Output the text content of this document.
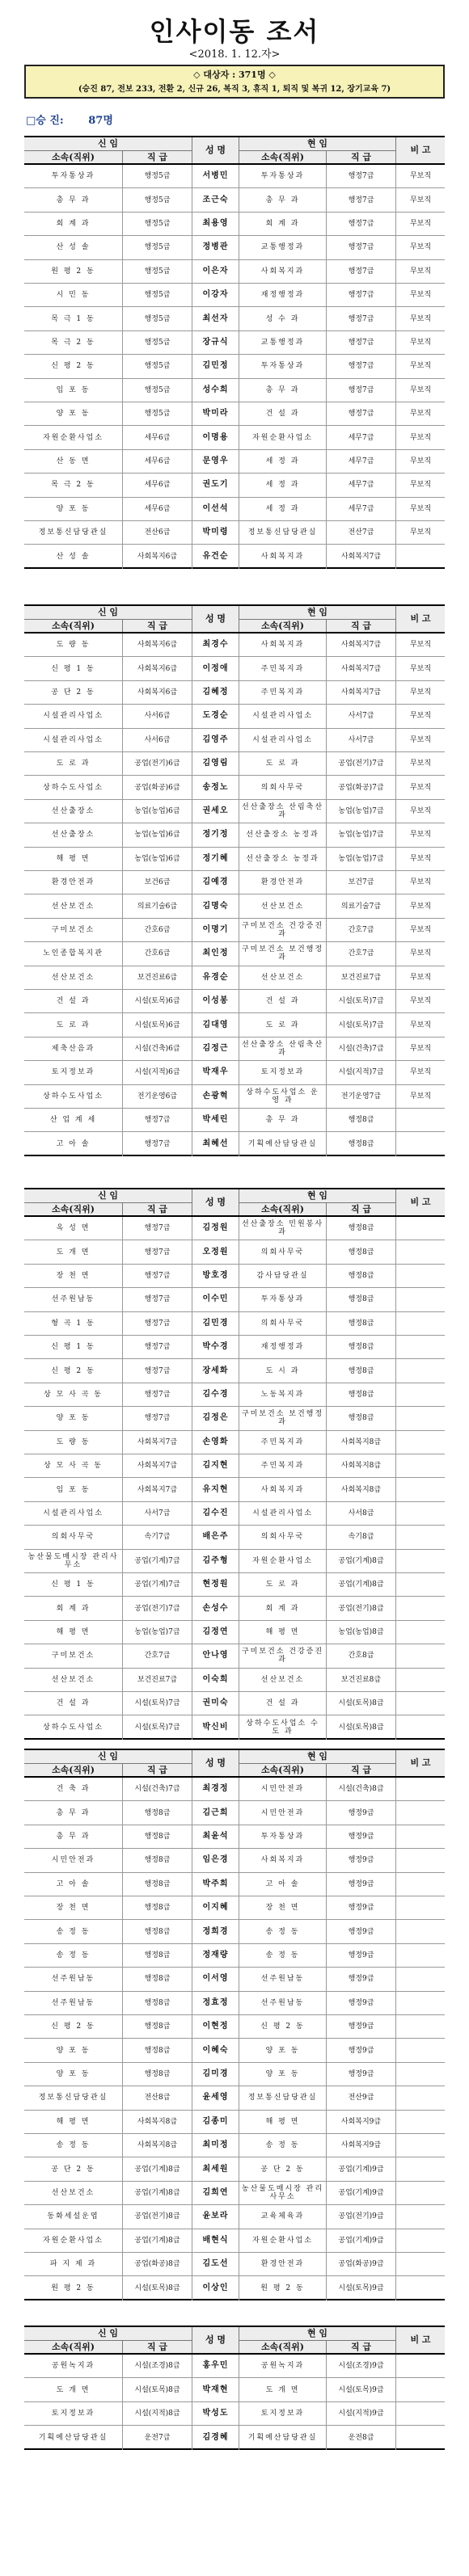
인사이동 조서
<2018. 1. 12.자>
◇ 대상자 : 371명 ◇
(승진 87, 전보 233, 전환 2, 신규 26, 복직 3, 휴직 1, 퇴직 및 복귀 12, 장기교육 7)
□승 진: 87명
신 임
소속(직위)	직 급
성 명
현 임
소속(직위)	직 급
비 고
투자통상과	행정5급	서병민	투자통상과	행정7급	무보직
총 무 과	행정5급	조근숙	총 무 과	행정7급	무보직
회 계 과	행정5급	최용영	회 계 과	행정7급	무보직
산 성 솔	행정5급	정병관	교통행정과	행정7급	무보직
원 평 2 동	행정5급	이은자	사회복지과	행정7급	무보직
시 민 동	행정5급	이강자	재정행정과	행정7급	무보직
목 극 1 동	행정5급	최선자	성 수 과	행정7급	무보직
목 극 2 동	행정5급	장규식	교통행정과	행정7급	무보직
신 평 2 동	행정5급	김민정	투자통상과	행정7급	무보직
임 포 동	행정5급	성수희	총 무 과	행정7급	무보직
양 포 동	행정5급	박미라	건 설 과	행정7급	무보직
자원순환사업소	세무6급	이명용	자원순환사업소	세무7급	무보직
산 동 면	세무6급	문영우	세 정 과	세무7급	무보직
목 극 2 동	세무6급	권도기	세 정 과	세무7급	무보직
양 포 동	세무6급	이선석	세 정 과	세무7급	무보직
정보통신담당관실	전산6급	박미령	정보통신담당관실	전산7급	무보직
산 성 솔	사회복지6급	유건순	사회복지과	사회복지7급
신 임
소속(직위)	직 급
성 명
현 임
소속(직위)	직 급
비 고
도 량 동	사회복지6급	최경수	사회복지과	사회복지7급	무보직
신 평 1 동	사회복지6급	이정애	주민복지과	사회복지7급	무보직
공 단 2 동	사회복지6급	김혜정	주민복지과	사회복지7급	무보직
시설관리사업소	사서6급	도경순	시설관리사업소	사서7급	무보직
시설관리사업소	사서6급	김영주	시설관리사업소	사서7급	무보직
도 로 과	공업(전기)6급	김영림	도 로 과	공업(전기)7급	무보직
상하수도사업소	공업(화공)6급	송정노	의회사무국	공업(화공)7급	무보직
선산출장소	농업(농업)6급	권세오	선산출장소 산림축산과	농업(농업)7급	무보직
선산출장소	농업(농업)6급	정기정	선산출장소 농정과	농업(농업)7급	무보직
해 평 면	농업(농업)6급	정기혜	선산출장소 농정과	농업(농업)7급	무보직
환경안전과	보건6급	김예경	환경안전과	보건7급	무보직
선산보건소	의료기술6급	김명숙	선산보건소	의료기술7급	무보직
구미보건소	간호6급	이명기	구미보건소 건강증진과	간호7급	무보직
노인종합복지관	간호6급	최인정	구미보건소 보건행정과	간호7급	무보직
선산보건소	보건진료6급	유경순	선산보건소	보건진료7급	무보직
건 설 과	시설(토목)6급	이성봉	건 설 과	시설(토목)7급	무보직
도 로 과	시설(토목)6급	김대영	도 로 과	시설(토목)7급	무보직
제축산음과	시설(건축)6급	김정근	선산출장소 산림축산과	시설(건축)7급	무보직
토지정보과	시설(지적)6급	박재우	토지정보과	시설(지적)7급	무보직
상하수도사업소	전기운영6급	손광혁	상하수도사업소 운 영 과	전기운영7급	무보직
산 업 계 세	행정7급	박세린	총 무 과	행정8급
고 아 솔	행정7급	최혜선	기획예산담당관실	행정8급
신 임
소속(직위)	직 급
성 명
현 임
소속(직위)	직 급
비 고
옥 성 면	행정7급	김정원	선산출장소 민원봉사과	행정8급
도 개 면	행정7급	오정원	의회사무국	행정8급
장 천 면	행정7급	방호경	감사담당관실	행정8급
선주원남동	행정7급	이수민	투자통상과	행정8급
형 곡 1 동	행정7급	김민경	의회사무국	행정8급
신 평 1 동	행정7급	박수경	재정행정과	행정8급
신 평 2 동	행정7급	장세화	도 시 과	행정8급
상 모 사 곡 동	행정7급	김수경	노동복지과	행정8급
양 포 동	행정7급	김정은	구미보건소 보건행정과	행정8급
도 량 동	사회복지7급	손영화	주민복지과	사회복지8급
상 모 사 곡 동	사회복지7급	김지현	주민복지과	사회복지8급
임 포 동	사회복지7급	유지현	사회복지과	사회복지8급
시설관리사업소	사서7급	김수진	시설관리사업소	사서8급
의회사무국	속기7급	배은주	의회사무국	속기8급
농산물도매시장 관리사무소	공업(기계)7급	김주형	자원순환사업소	공업(기계)8급
신 평 1 동	공업(기계)7급	현정원	도 로 과	공업(기계)8급
회 계 과	공업(전기)7급	손성수	회 계 과	공업(전기)8급
해 평 면	농업(농업)7급	김정연	해 평 면	농업(농업)8급
구미보건소	간호7급	안나영	구미보건소 건강증진과	간호8급
선산보건소	보건진료7급	이숙희	선산보건소	보건진료8급
건 설 과	시설(토목)7급	권미숙	건 설 과	시설(토목)8급
상하수도사업소	시설(토목)7급	박신비	상하수도사업소 수 도 과	시설(토목)8급
신 임
소속(직위)	직 급
성 명
현 임
소속(직위)	직 급
비 고
건 축 과	시설(건축)7급	최경정	시민안전과	시설(건축)8급
총 무 과	행정8급	김근희	시민안전과	행정9급
총 무 과	행정8급	최윤석	투자통상과	행정9급
시민안전과	행정8급	임은경	사회복지과	행정9급
고 아 솔	행정8급	박주희	고 아 솔	행정9급
장 천 면	행정8급	이지혜	장 천 면	행정9급
송 정 동	행정8급	정희경	송 정 동	행정9급
송 정 동	행정8급	정재량	송 정 동	행정9급
선주원남동	행정8급	이서영	선주원남동	행정9급
선주원남동	행정8급	정효정	선주원남동	행정9급
신 평 2 동	행정8급	이현정	신 평 2 동	행정9급
양 포 동	행정8급	이혜숙	양 포 동	행정9급
양 포 동	행정8급	김미경	양 포 동	행정9급
정보통신담당관실	전산8급	윤세영	정보통신담당관실	전산9급
해 평 면	사회복지8급	김종미	해 평 면	사회복지9급
송 정 동	사회복지8급	최미정	송 정 동	사회복지9급
공 단 2 동	공업(기계)8급	최세원	공 단 2 동	공업(기계)9급
선산보건소	공업(기계)8급	김희연	농산물도매시장 관리사무소	공업(기계)9급
동화세설운엽	공업(전기)8급	윤보라	교육체육과	공업(전기)9급
자원순환사업소	공업(기계)8급	배현식	자원순환사업소	공업(기계)9급
파 지 제 과	공업(화공)8급	김도선	환경안전과	공업(화공)9급
원 평 2 동	시설(토목)8급	이상인	원 평 2 동	시설(토목)9급
신 임
소속(직위)	직 급
성 명
현 임
소속(직위)	직 급
비 고
공원녹지과	시설(조경)8급	홍우민	공원녹지과	시설(조경)9급
도 개 면	시설(토목)8급	박재현	도 개 면	시설(토목)9급
토지정보과	시설(지적)8급	박성도	토지정보과	시설(지적)9급
기획예산담당관실	운전7급	김경혜	기획예산담당관실	운전8급
